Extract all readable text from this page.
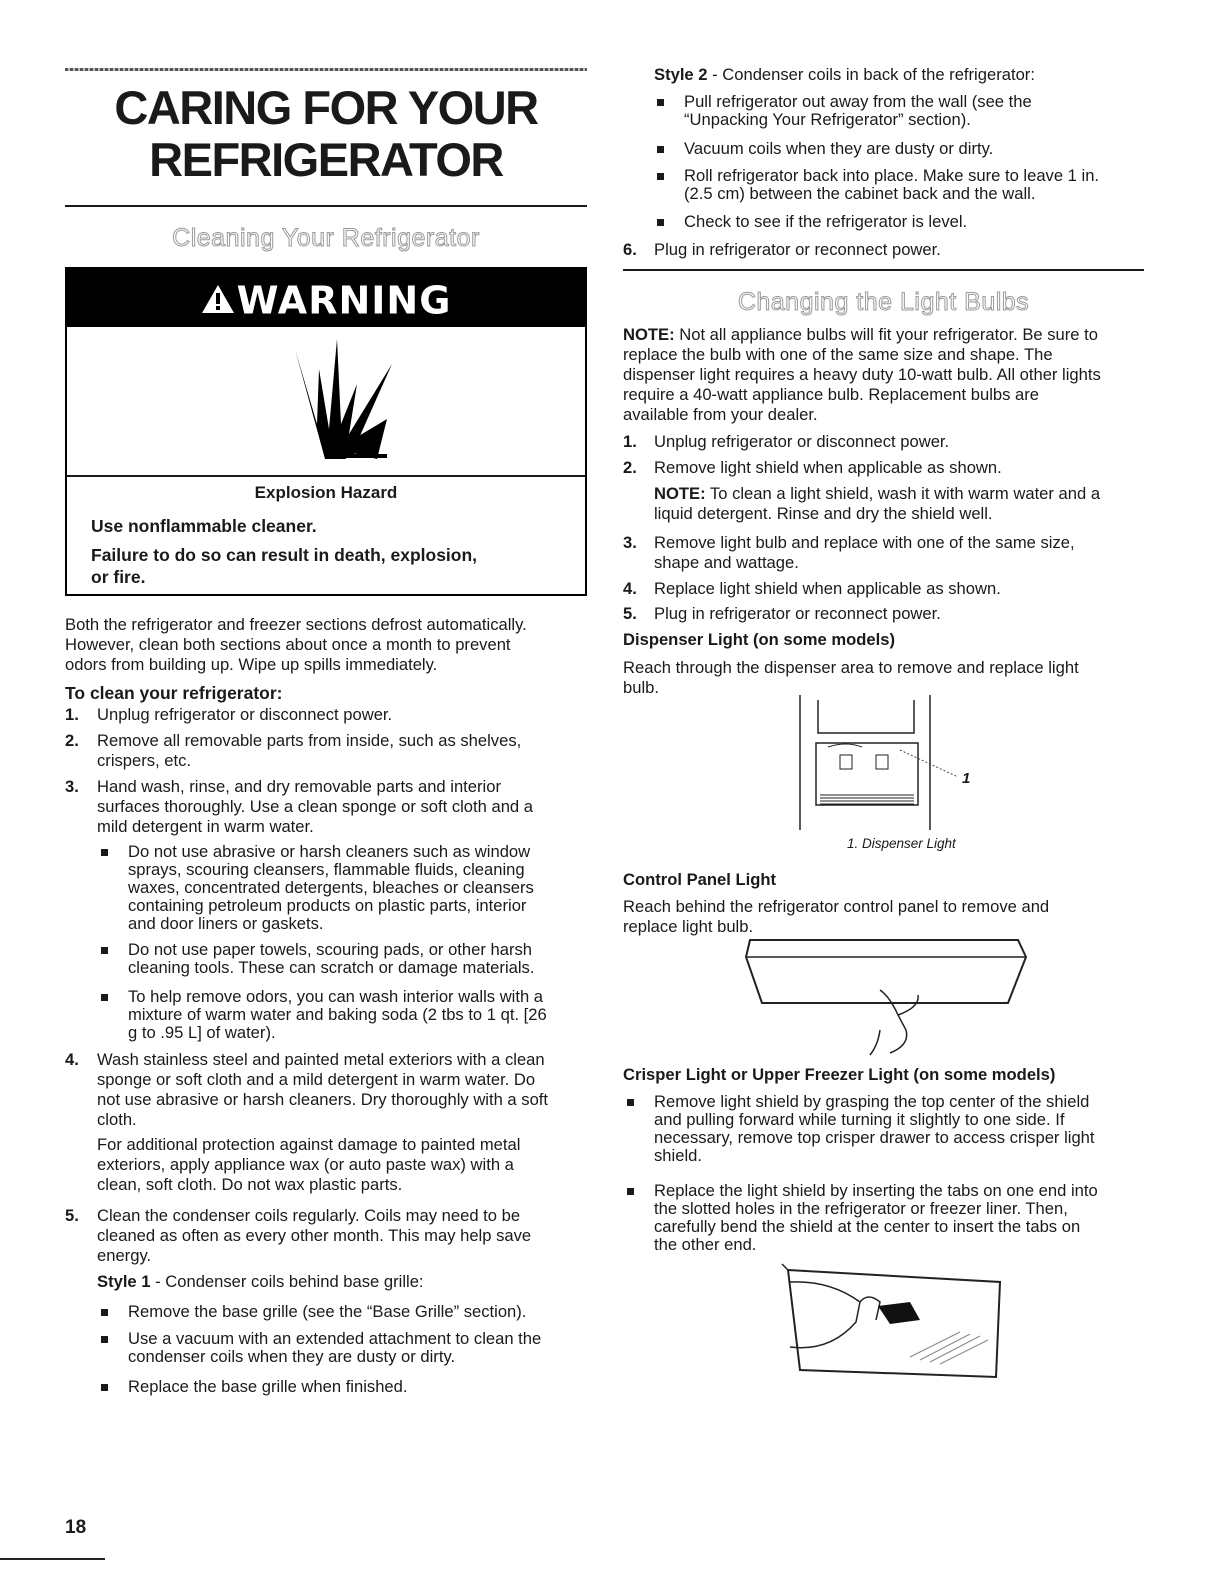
CARING FOR YOUR
REFRIGERATOR
Cleaning Your Refrigerator
WARNING
Explosion Hazard
Use nonflammable cleaner.
Failure to do so can result in death, explosion,
or fire.
Both the refrigerator and freezer sections defrost automatically.
However, clean both sections about once a month to prevent
odors from building up. Wipe up spills immediately.
To clean your refrigerator:
1. Unplug refrigerator or disconnect power.
2. Remove all removable parts from inside, such as shelves,
crispers, etc.
3. Hand wash, rinse, and dry removable parts and interior
surfaces thoroughly. Use a clean sponge or soft cloth and a
mild detergent in warm water.
Do not use abrasive or harsh cleaners such as window
sprays, scouring cleansers, flammable fluids, cleaning
waxes, concentrated detergents, bleaches or cleansers
containing petroleum products on plastic parts, interior
and door liners or gaskets.
Do not use paper towels, scouring pads, or other harsh
cleaning tools. These can scratch or damage materials.
To help remove odors, you can wash interior walls with a
mixture of warm water and baking soda (2 tbs to 1 qt. [26
g to .95 L] of water).
4. Wash stainless steel and painted metal exteriors with a clean
sponge or soft cloth and a mild detergent in warm water. Do
not use abrasive or harsh cleaners. Dry thoroughly with a soft
cloth.
For additional protection against damage to painted metal
exteriors, apply appliance wax (or auto paste wax) with a
clean, soft cloth. Do not wax plastic parts.
5. Clean the condenser coils regularly. Coils may need to be
cleaned as often as every other month. This may help save
energy.
Style 1 - Condenser coils behind base grille:
Remove the base grille (see the “Base Grille” section).
Use a vacuum with an extended attachment to clean the
condenser coils when they are dusty or dirty.
Replace the base grille when finished.
Style 2 - Condenser coils in back of the refrigerator:
Pull refrigerator out away from the wall (see the
“Unpacking Your Refrigerator” section).
Vacuum coils when they are dusty or dirty.
Roll refrigerator back into place. Make sure to leave 1 in.
(2.5 cm) between the cabinet back and the wall.
Check to see if the refrigerator is level.
6. Plug in refrigerator or reconnect power.
Changing the Light Bulbs
NOTE: Not all appliance bulbs will fit your refrigerator. Be sure to
replace the bulb with one of the same size and shape. The
dispenser light requires a heavy duty 10-watt bulb. All other lights
require a 40-watt appliance bulb. Replacement bulbs are
available from your dealer.
1. Unplug refrigerator or disconnect power.
2. Remove light shield when applicable as shown.
NOTE: To clean a light shield, wash it with warm water and a
liquid detergent. Rinse and dry the shield well.
3. Remove light bulb and replace with one of the same size,
shape and wattage.
4. Replace light shield when applicable as shown.
5. Plug in refrigerator or reconnect power.
Dispenser Light (on some models)
Reach through the dispenser area to remove and replace light
bulb.
1
1. Dispenser Light
Control Panel Light
Reach behind the refrigerator control panel to remove and
replace light bulb.
Crisper Light or Upper Freezer Light (on some models)
Remove light shield by grasping the top center of the shield
and pulling forward while turning it slightly to one side. If
necessary, remove top crisper drawer to access crisper light
shield.
Replace the light shield by inserting the tabs on one end into
the slotted holes in the refrigerator or freezer liner. Then,
carefully bend the shield at the center to insert the tabs on
the other end.
18
